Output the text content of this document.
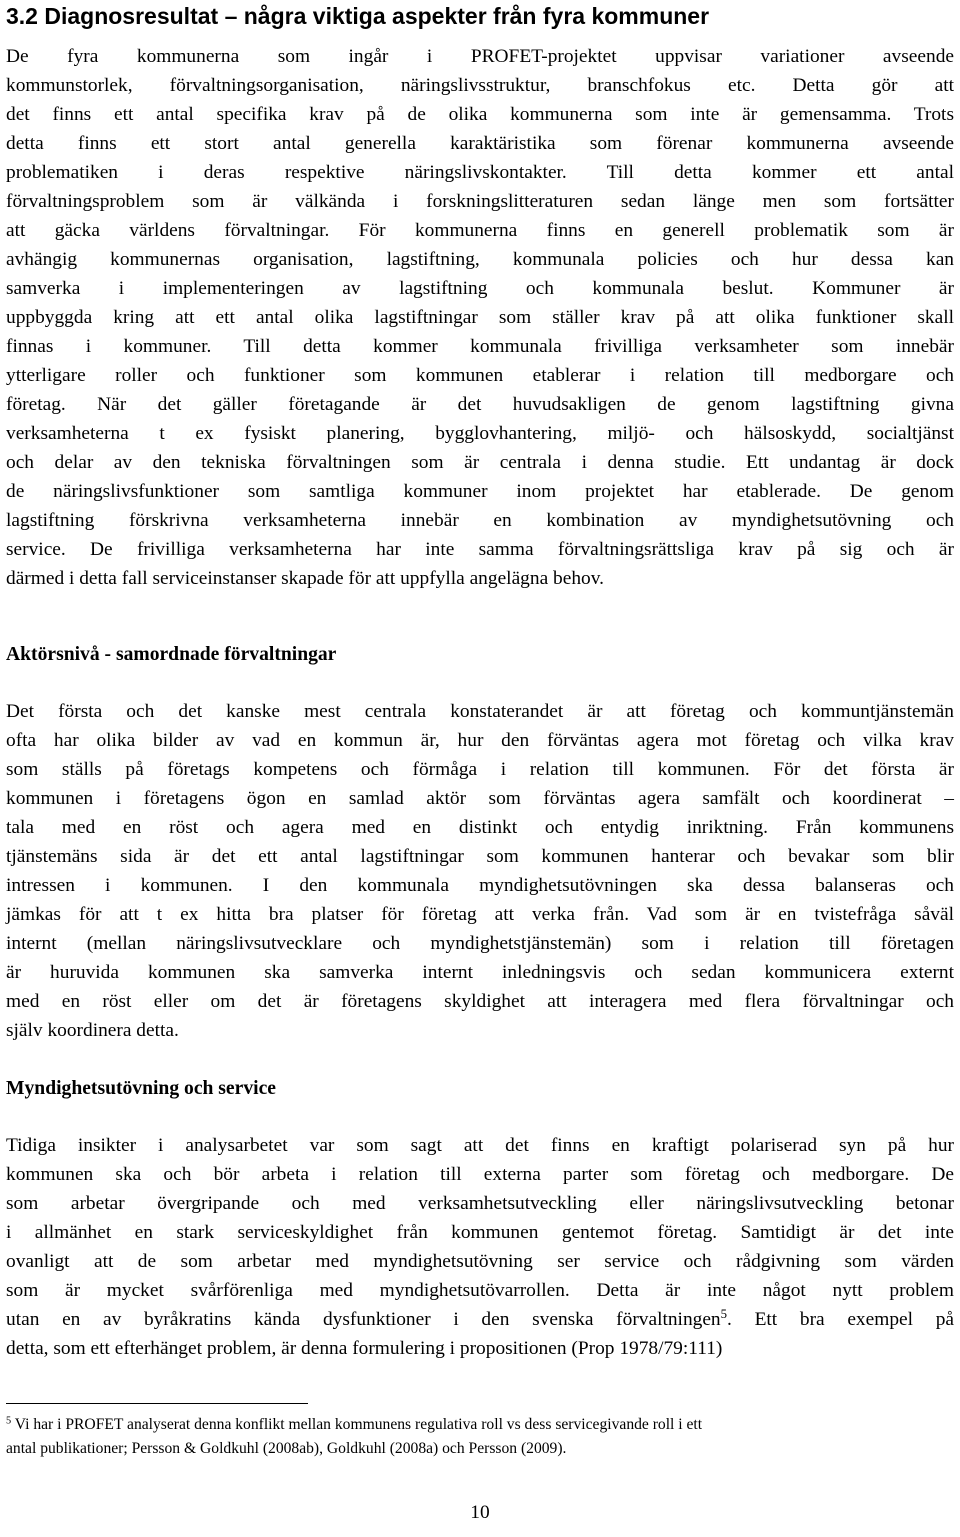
3.2 Diagnosresultat – några viktiga aspekter från fyra kommuner
De fyra kommunerna som ingår i PROFET-projektet uppvisar variationer avseende
kommunstorlek, förvaltningsorganisation, näringslivsstruktur, branschfokus etc. Detta gör att
det finns ett antal specifika krav på de olika kommunerna som inte är gemensamma. Trots
detta finns ett stort antal generella karaktäristika som förenar kommunerna avseende
problematiken i deras respektive näringslivskontakter. Till detta kommer ett antal
förvaltningsproblem som är välkända i forskningslitteraturen sedan länge men som fortsätter
att gäcka världens förvaltningar. För kommunerna finns en generell problematik som är
avhängig kommunernas organisation, lagstiftning, kommunala policies och hur dessa kan
samverka i implementeringen av lagstiftning och kommunala beslut. Kommuner är
uppbyggda kring att ett antal olika lagstiftningar som ställer krav på att olika funktioner skall
finnas i kommuner. Till detta kommer kommunala frivilliga verksamheter som innebär
ytterligare roller och funktioner som kommunen etablerar i relation till medborgare och
företag. När det gäller företagande är det huvudsakligen de genom lagstiftning givna
verksamheterna t ex fysiskt planering, bygglovhantering, miljö- och hälsoskydd, socialtjänst
och delar av den tekniska förvaltningen som är centrala i denna studie. Ett undantag är dock
de näringslivsfunktioner som samtliga kommuner inom projektet har etablerade. De genom
lagstiftning förskrivna verksamheterna innebär en kombination av myndighetsutövning och
service. De frivilliga verksamheterna har inte samma förvaltningsrättsliga krav på sig och är
därmed i detta fall serviceinstanser skapade för att uppfylla angelägna behov.
Aktörsnivå - samordnade förvaltningar
Det första och det kanske mest centrala konstaterandet är att företag och kommuntjänstemän
ofta har olika bilder av vad en kommun är, hur den förväntas agera mot företag och vilka krav
som ställs på företags kompetens och förmåga i relation till kommunen. För det första är
kommunen i företagens ögon en samlad aktör som förväntas agera samfält och koordinerat –
tala med en röst och agera med en distinkt och entydig inriktning. Från kommunens
tjänstemäns sida är det ett antal lagstiftningar som kommunen hanterar och bevakar som blir
intressen i kommunen. I den kommunala myndighetsutövningen ska dessa balanseras och
jämkas för att t ex hitta bra platser för företag att verka från. Vad som är en tvistefråga såväl
internt (mellan näringslivsutvecklare och myndighetstjänstemän) som i relation till företagen
är huruvida kommunen ska samverka internt inledningsvis och sedan kommunicera externt
med en röst eller om det är företagens skyldighet att interagera med flera förvaltningar och
själv koordinera detta.
Myndighetsutövning och service
Tidiga insikter i analysarbetet var som sagt att det finns en kraftigt polariserad syn på hur
kommunen ska och bör arbeta i relation till externa parter som företag och medborgare. De
som arbetar övergripande och med verksamhetsutveckling eller näringslivsutveckling betonar
i allmänhet en stark serviceskyldighet från kommunen gentemot företag. Samtidigt är det inte
ovanligt att de som arbetar med myndighetsutövning ser service och rådgivning som värden
som är mycket svårförenliga med myndighetsutövarrollen. Detta är inte något nytt problem
utan en av byråkratins kända dysfunktioner i den svenska förvaltningen$^5$. Ett bra exempel på
detta, som ett efterhänget problem, är denna formulering i propositionen (Prop 1978/79:111)
$^5$ Vi har i PROFET analyserat denna konflikt mellan kommunens regulativa roll vs dess servicegivande roll i ett
antal publikationer; Persson & Goldkuhl (2008ab), Goldkuhl (2008a) och Persson (2009).
10
